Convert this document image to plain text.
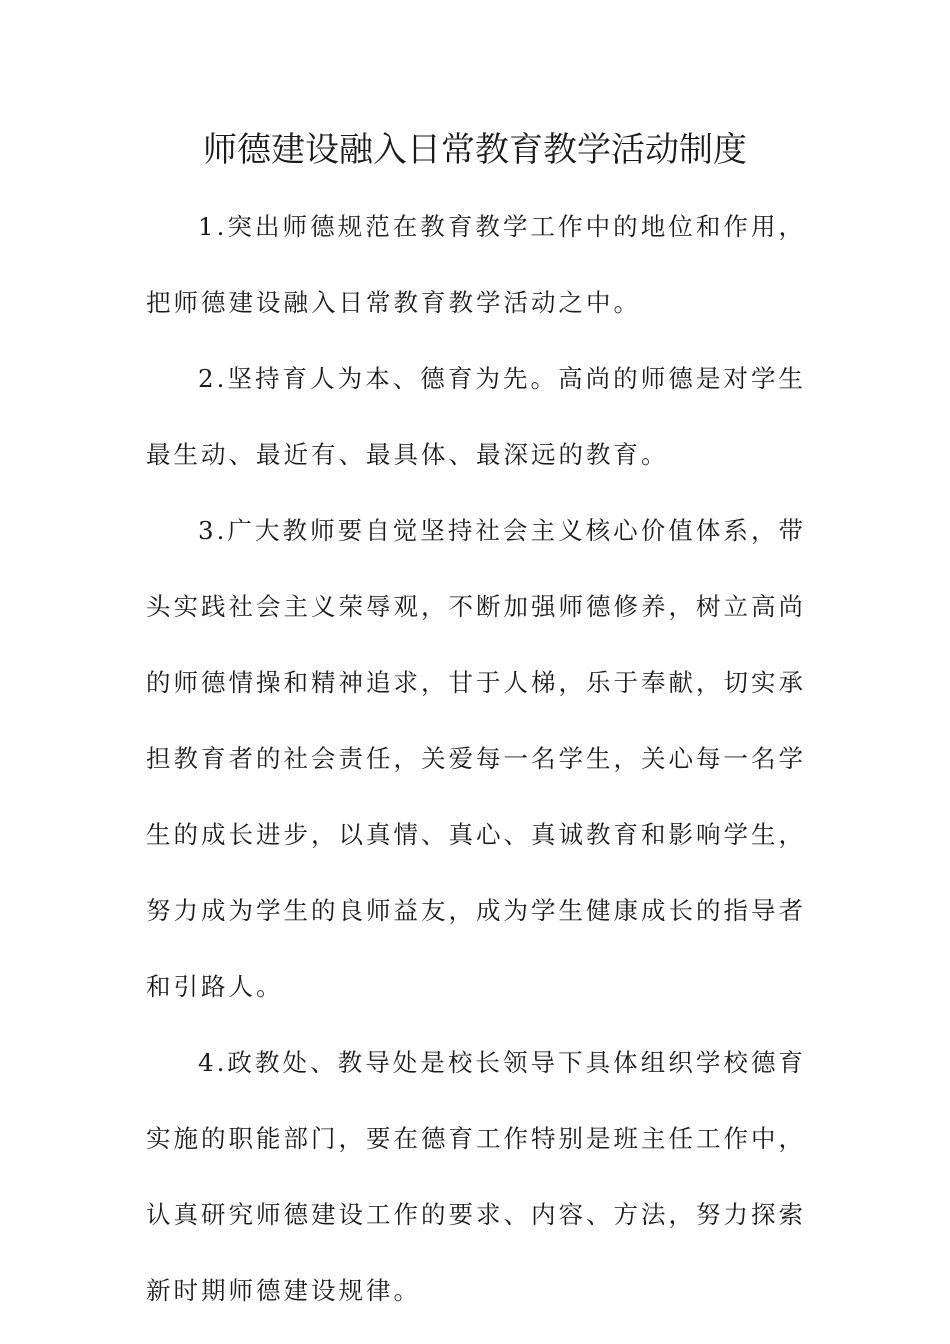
师德建设融入日常教育教学活动制度

1.突出师德规范在教育教学工作中的地位和作用，把师德建设融入日常教育教学活动之中。

2.坚持育人为本、德育为先。高尚的师德是对学生最生动、最近有、最具体、最深远的教育。

3.广大教师要自觉坚持社会主义核心价值体系，带头实践社会主义荣辱观，不断加强师德修养，树立高尚的师德情操和精神追求，甘于人梯，乐于奉献，切实承担教育者的社会责任，关爱每一名学生，关心每一名学生的成长进步，以真情、真心、真诚教育和影响学生，努力成为学生的良师益友，成为学生健康成长的指导者和引路人。

4.政教处、教导处是校长领导下具体组织学校德育实施的职能部门，要在德育工作特别是班主任工作中，认真研究师德建设工作的要求、内容、方法，努力探索新时期师德建设规律。
